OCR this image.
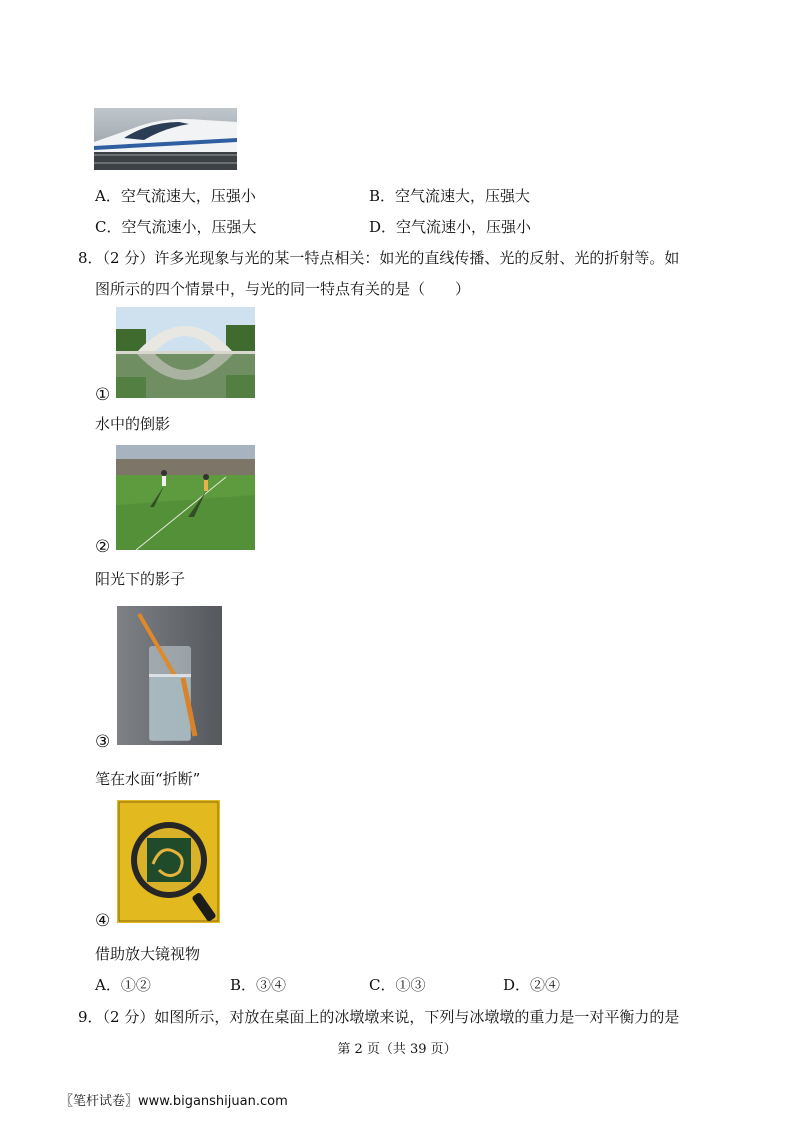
A．空气流速大，压强小	B．空气流速大，压强大
C．空气流速小，压强大	D．空气流速小，压强小
8．（2 分）许多光现象与光的某一特点相关：如光的直线传播、光的反射、光的折射等。如
图所示的四个情景中，与光的同一特点有关的是（　　）
①
水中的倒影
②
阳光下的影子
③
笔在水面“折断”
④
借助放大镜视物
A．①②	B．③④	C．①③	D．②④
9．（2 分）如图所示，对放在桌面上的冰墩墩来说，下列与冰墩墩的重力是一对平衡力的是
第 2 页（共 39 页）
〖笔杆试卷〗www.biganshijuan.com
